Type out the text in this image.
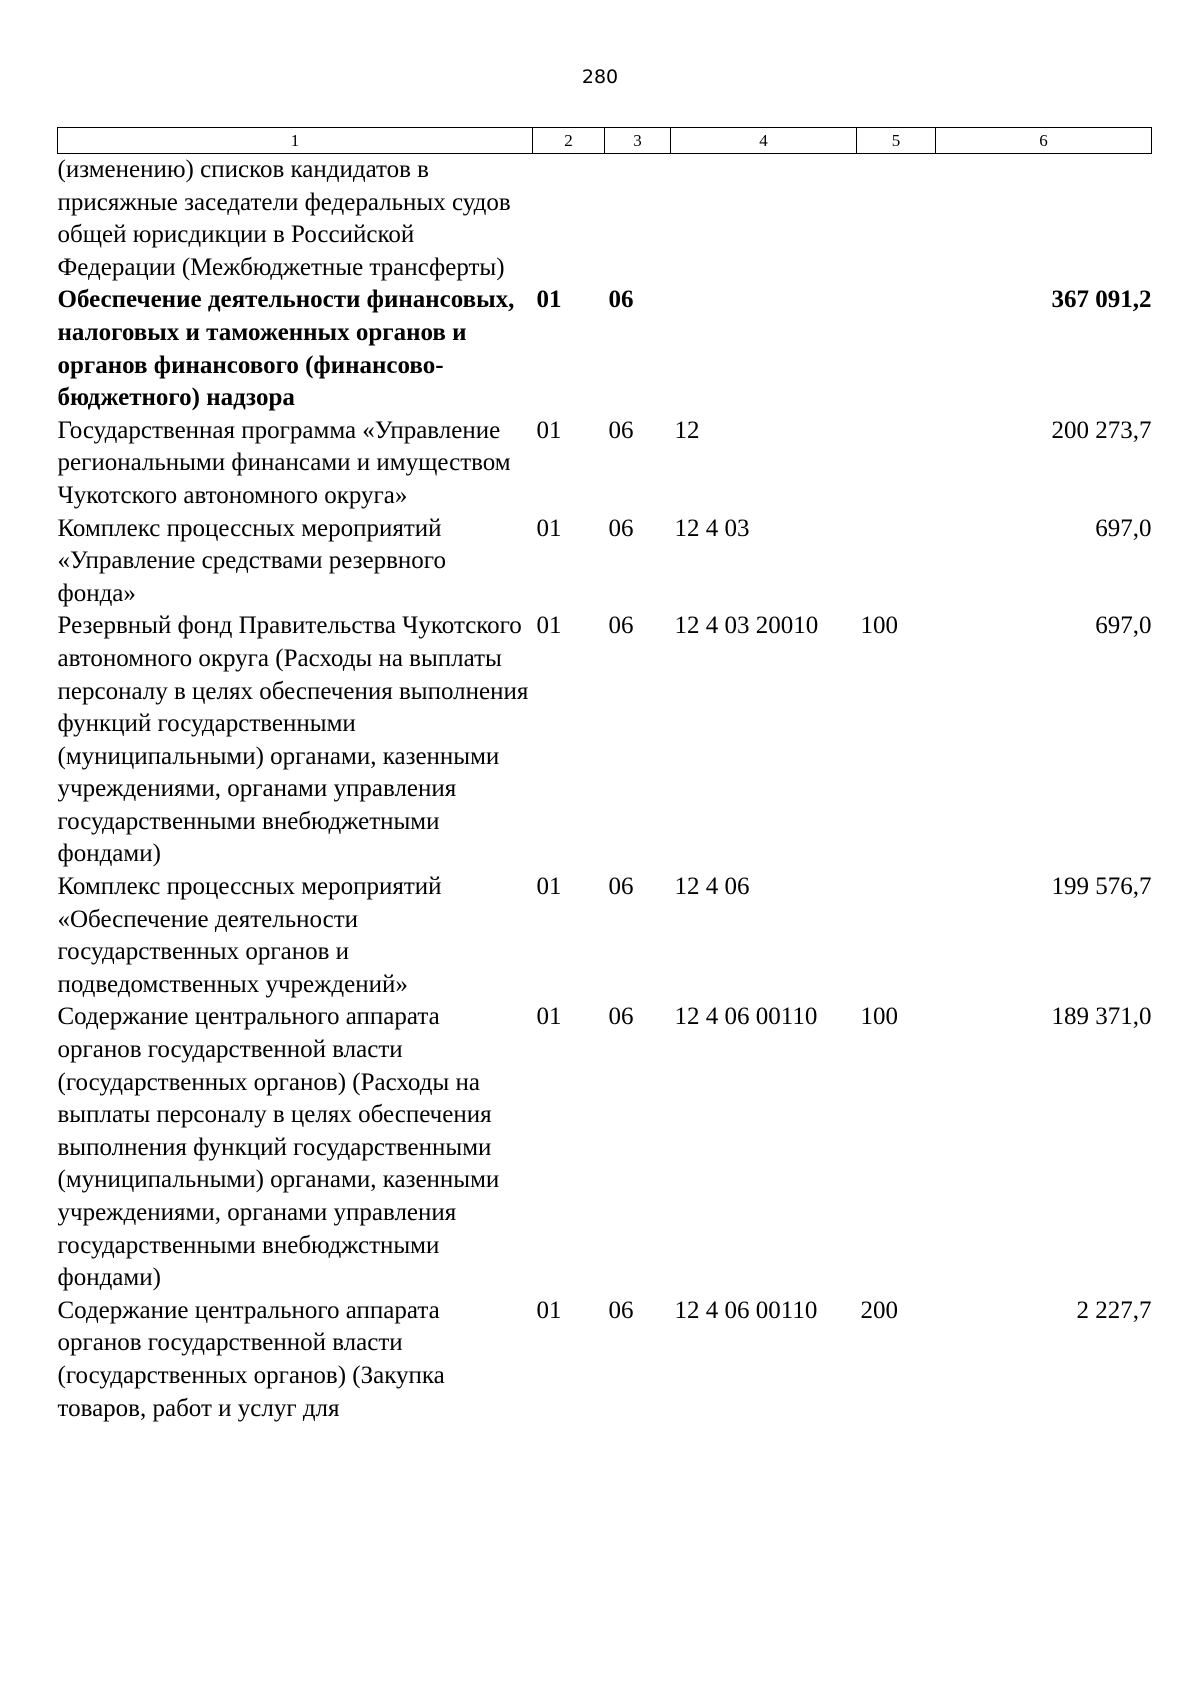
280
1	2	3	4	5	6
(изменению) списков кандидатов в присяжные заседатели федеральных судов общей юрисдикции в Российской Федерации (Межбюджетные трансферты)					
Обеспечение деятельности финансовых, налоговых и таможенных органов и органов финансового (финансово-бюджетного) надзора	01	06			367 091,2
Государственная программа «Управление региональными финансами и имуществом Чукотского автономного округа»	01	06	12		200 273,7
Комплекс процессных мероприятий «Управление средствами резервного фонда»	01	06	12 4 03		697,0
Резервный фонд Правительства Чукотского автономного округа (Расходы на выплаты персоналу в целях обеспечения выполнения функций государственными (муниципальными) органами, казенными учреждениями, органами управления государственными внебюджетными фондами)	01	06	12 4 03 20010	100	697,0
Комплекс процессных мероприятий «Обеспечение деятельности государственных органов и подведомственных учреждений»	01	06	12 4 06		199 576,7
Содержание центрального аппарата органов государственной власти (государственных органов) (Расходы на выплаты персоналу в целях обеспечения выполнения функций государственными (муниципальными) органами, казенными учреждениями, органами управления государственными внебюджстными фондами)	01	06	12 4 06 00110	100	189 371,0
Содержание центрального аппарата органов государственной власти (государственных органов) (Закупка товаров, работ и услуг для	01	06	12 4 06 00110	200	2 227,7
